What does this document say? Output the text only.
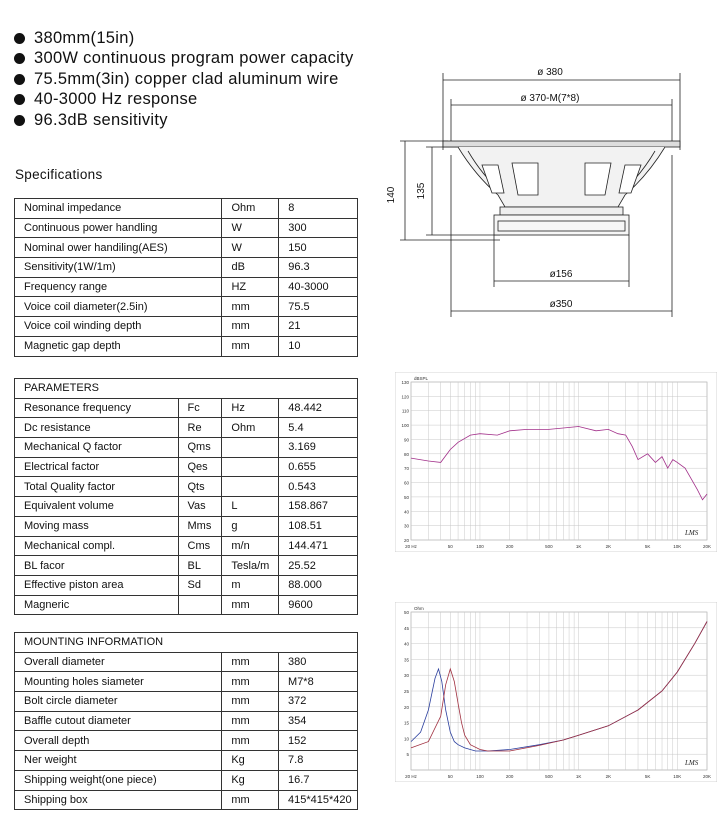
380mm(15in)
300W continuous program power capacity
75.5mm(3in) copper clad aluminum wire
40-3000 Hz response
96.3dB sensitivity
Specifications
Nominal impedance	Ohm	8
Continuous power handling	W	300
Nominal ower handiling(AES)	W	150
Sensitivity(1W/1m)	dB	96.3
Frequency range	HZ	40-3000
Voice coil diameter(2.5in)	mm	75.5
Voice coil winding depth	mm	21
Magnetic gap depth	mm	10
PARAMETERS			
Resonance frequency	Fc	Hz	48.442
Dc resistance	Re	Ohm	5.4
Mechanical Q factor	Qms		3.169
Electrical factor	Qes		0.655
Total Quality factor	Qts		0.543
Equivalent volume	Vas	L	158.867
Moving mass	Mms	g	108.51
Mechanical compl.	Cms	m/n	144.471
BL facor	BL	Tesla/m	25.52
Effective piston area	Sd	m	88.000
Magneric		mm	9600
MOUNTING INFORMATION		
Overall diameter	mm	380
Mounting holes siameter	mm	M7*8
Bolt circle diameter	mm	372
Baffle cutout diameter	mm	354
Overall depth	mm	152
Ner weight	Kg	7.8
Shipping weight(one piece)	Kg	16.7
Shipping box	mm	415*415*420
ø 380
ø 370-M(7*8)
140 135
ø156
ø350
130
120
110
100
90
80
70
60
50
40
30
20
20 Hz	50	100	200	500	1K	2K	5K	10K	20K
dBSPL
LMS
50
45
40
35
30
25
20
15
10
5
20 Hz	50	100	200	500	1K	2K	5K	10K	20K
Ohm
LMS
